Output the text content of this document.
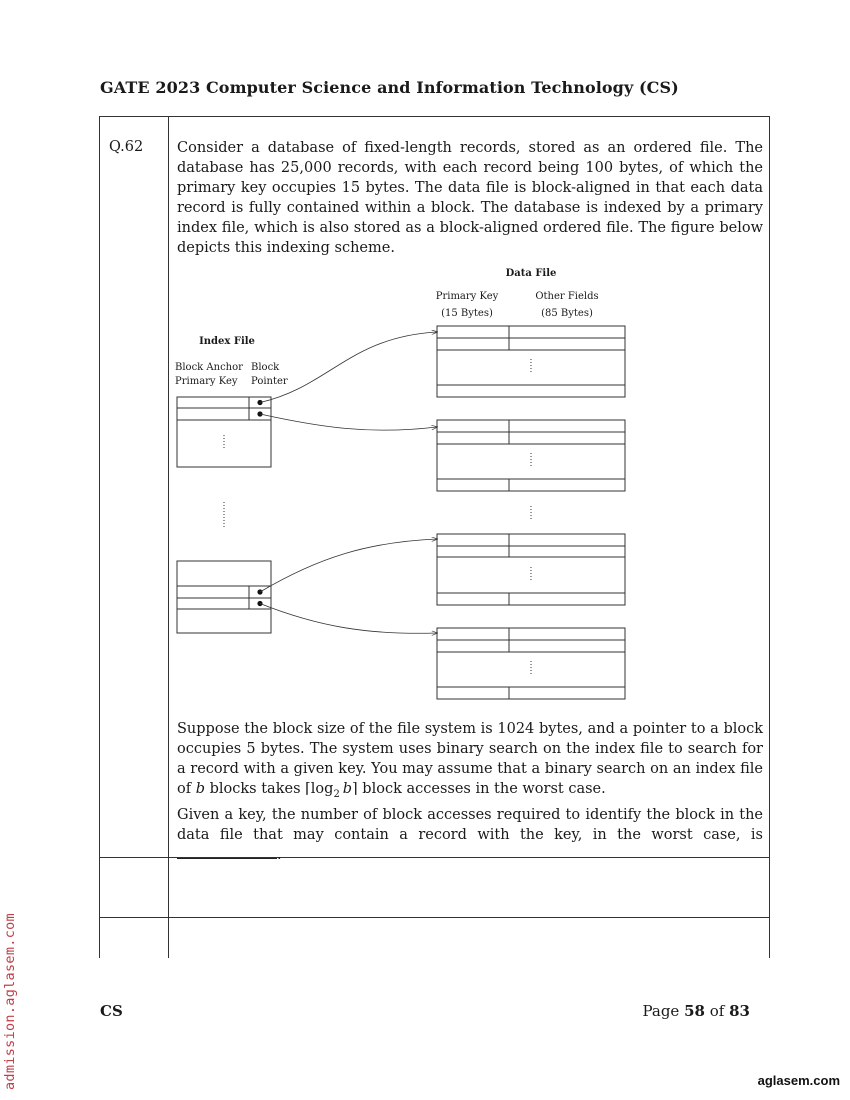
GATE 2023 Computer Science and Information Technology (CS)
Q.62 Consider a database of fixed-length records, stored as an ordered file. The database has 25,000 records, with each record being 100 bytes, of which the primary key occupies 15 bytes. The data file is block-aligned in that each data record is fully contained within a block. The database is indexed by a primary index file, which is also stored as a block-aligned ordered file. The figure below depicts this indexing scheme.
Data File
Primary Key
(15 Bytes)
Other Fields
(85 Bytes)
Index File
Block Anchor
Primary Key
Block
Pointer
Suppose the block size of the file system is 1024 bytes, and a pointer to a block occupies 5 bytes. The system uses binary search on the index file to search for a record with a given key. You may assume that a binary search on an index file of b blocks takes $⌈\log_2$  b⌉ block accesses in the worst case.
Given a key, the number of block accesses required to identify the block in the data file that may contain a record with the key, in the worst case, is .
CS	Page 58 of 83
admission.aglasem.com	aglasem.com
